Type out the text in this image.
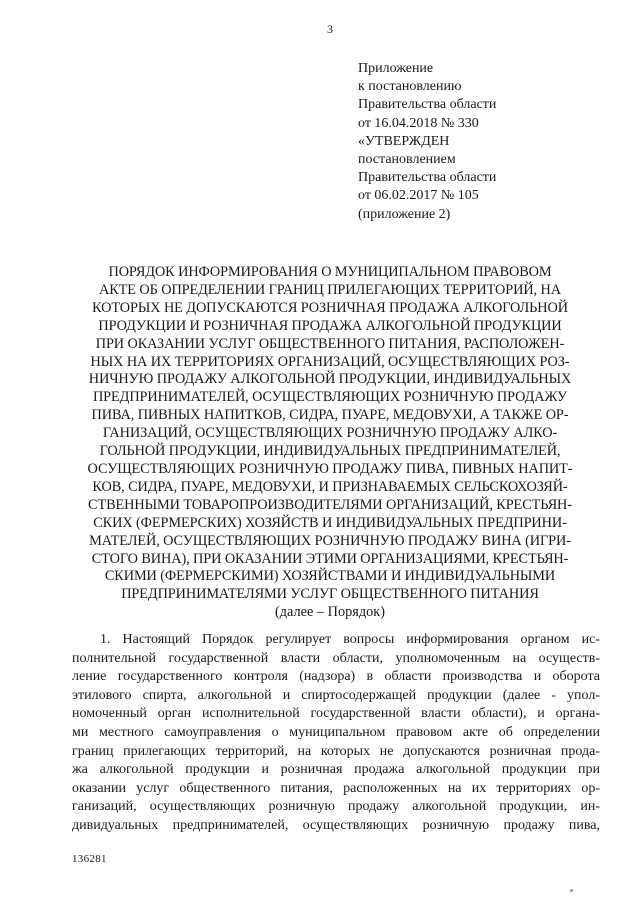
3
Приложение
к постановлению
Правительства области
от 16.04.2018 № 330
«УТВЕРЖДЕН
постановлением
Правительства области
от 06.02.2017 № 105
(приложение 2)
ПОРЯДОК ИНФОРМИРОВАНИЯ О МУНИЦИПАЛЬНОМ ПРАВОВОМ
АКТЕ ОБ ОПРЕДЕЛЕНИИ ГРАНИЦ ПРИЛЕГАЮЩИХ ТЕРРИТОРИЙ, НА
КОТОРЫХ НЕ ДОПУСКАЮТСЯ РОЗНИЧНАЯ ПРОДАЖА АЛКОГОЛЬНОЙ
ПРОДУКЦИИ И РОЗНИЧНАЯ ПРОДАЖА АЛКОГОЛЬНОЙ ПРОДУКЦИИ
ПРИ ОКАЗАНИИ УСЛУГ ОБЩЕСТВЕННОГО ПИТАНИЯ, РАСПОЛОЖЕН-
НЫХ НА ИХ ТЕРРИТОРИЯХ ОРГАНИЗАЦИЙ, ОСУЩЕСТВЛЯЮЩИХ РОЗ-
НИЧНУЮ ПРОДАЖУ АЛКОГОЛЬНОЙ ПРОДУКЦИИ, ИНДИВИДУАЛЬНЫХ
ПРЕДПРИНИМАТЕЛЕЙ, ОСУЩЕСТВЛЯЮЩИХ РОЗНИЧНУЮ ПРОДАЖУ
ПИВА, ПИВНЫХ НАПИТКОВ, СИДРА, ПУАРЕ, МЕДОВУХИ, А ТАКЖЕ ОР-
ГАНИЗАЦИЙ, ОСУЩЕСТВЛЯЮЩИХ РОЗНИЧНУЮ ПРОДАЖУ АЛКО-
ГОЛЬНОЙ ПРОДУКЦИИ, ИНДИВИДУАЛЬНЫХ ПРЕДПРИНИМАТЕЛЕЙ,
ОСУЩЕСТВЛЯЮЩИХ РОЗНИЧНУЮ ПРОДАЖУ ПИВА, ПИВНЫХ НАПИТ-
КОВ, СИДРА, ПУАРЕ, МЕДОВУХИ, И ПРИЗНАВАЕМЫХ СЕЛЬСКОХОЗЯЙ-
СТВЕННЫМИ ТОВАРОПРОИЗВОДИТЕЛЯМИ ОРГАНИЗАЦИЙ, КРЕСТЬЯН-
СКИХ (ФЕРМЕРСКИХ) ХОЗЯЙСТВ И ИНДИВИДУАЛЬНЫХ ПРЕДПРИНИ-
МАТЕЛЕЙ, ОСУЩЕСТВЛЯЮЩИХ РОЗНИЧНУЮ ПРОДАЖУ ВИНА (ИГРИ-
СТОГО ВИНА), ПРИ ОКАЗАНИИ ЭТИМИ ОРГАНИЗАЦИЯМИ, КРЕСТЬЯН-
СКИМИ (ФЕРМЕРСКИМИ) ХОЗЯЙСТВАМИ И ИНДИВИДУАЛЬНЫМИ
ПРЕДПРИНИМАТЕЛЯМИ УСЛУГ ОБЩЕСТВЕННОГО ПИТАНИЯ
(далее – Порядок)
1. Настоящий Порядок регулирует вопросы информирования органом ис-
полнительной государственной власти области, уполномоченным на осуществ-
ление государственного контроля (надзора) в области производства и оборота
этилового спирта, алкогольной и спиртосодержащей продукции (далее - упол-
номоченный орган исполнительной государственной власти области), и органа-
ми местного самоуправления о муниципальном правовом акте об определении
границ прилегающих территорий, на которых не допускаются розничная прода-
жа алкогольной продукции и розничная продажа алкогольной продукции при
оказании услуг общественного питания, расположенных на их территориях ор-
ганизаций, осуществляющих розничную продажу алкогольной продукции, ин-
дивидуальных предпринимателей, осуществляющих розничную продажу пива,
136281
